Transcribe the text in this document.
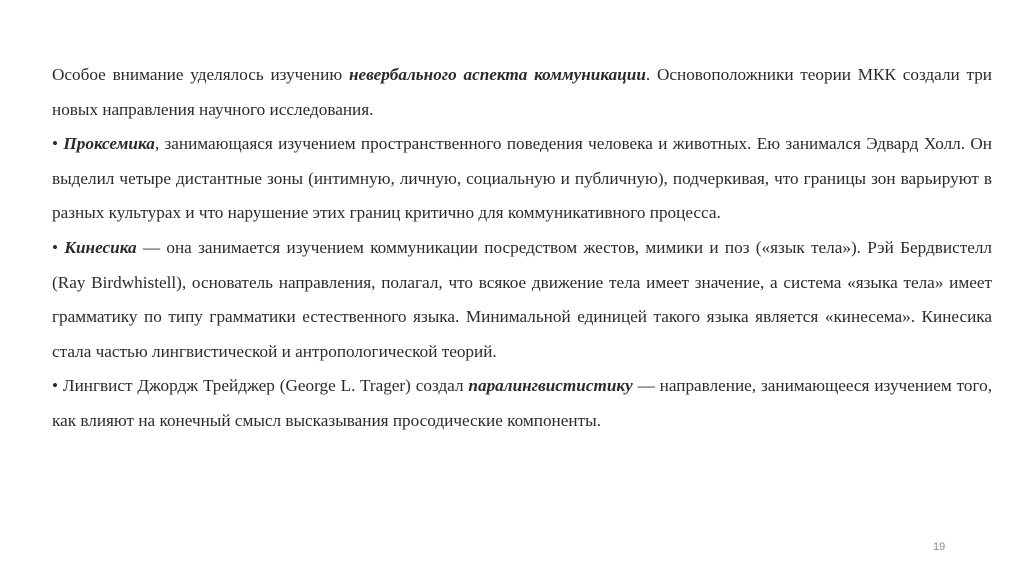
Особое внимание уделялось изучению невербального аспекта коммуникации. Основоположники теории МКК создали три новых направления научного исследования.

• Проксемика, занимающаяся изучением пространственного поведения человека и животных. Ею занимался Эдвард Холл. Он выделил четыре дистантные зоны (интимную, личную, социальную и публичную), подчеркивая, что границы зон варьируют в разных культурах и что нарушение этих границ критично для коммуникативного процесса.

• Кинесика — она занимается изучением коммуникации посредством жестов, мимики и поз («язык тела»). Рэй Бердвистелл (Ray Birdwhistell), основатель направления, полагал, что всякое движение тела имеет значение, а система «языка тела» имеет грамматику по типу грамматики естественного языка. Минимальной единицей такого языка является «кинесема». Кинесика стала частью лингвистической и антропологической теорий.

• Лингвист Джордж Трейджер (George L. Trager) создал паралингвистистику — направление, занимающееся изучением того, как влияют на конечный смысл высказывания просодические компоненты.

19
